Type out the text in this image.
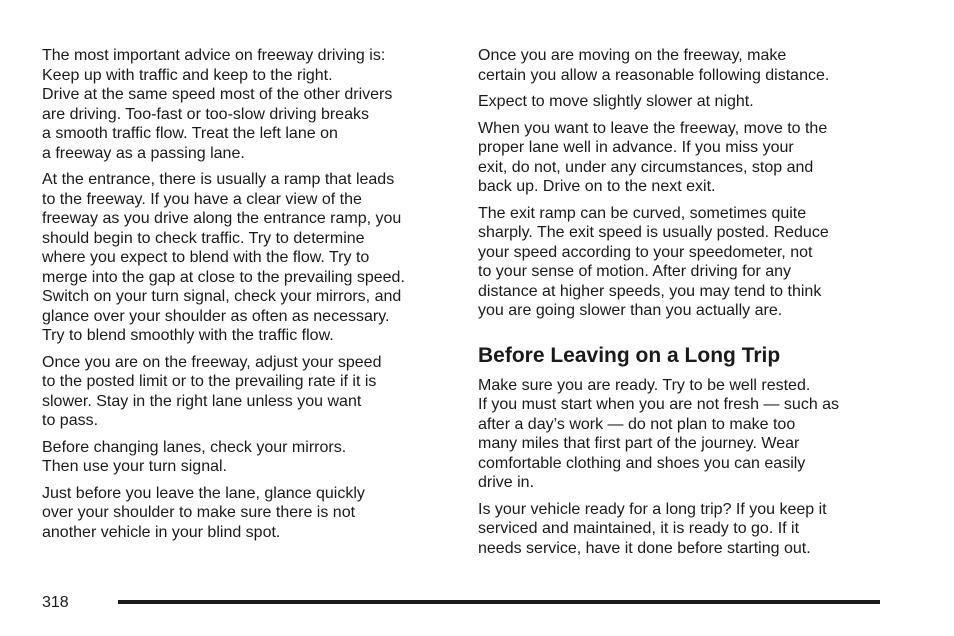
The most important advice on freeway driving is:
Keep up with traffic and keep to the right.
Drive at the same speed most of the other drivers
are driving. Too-fast or too-slow driving breaks
a smooth traffic flow. Treat the left lane on
a freeway as a passing lane.

At the entrance, there is usually a ramp that leads
to the freeway. If you have a clear view of the
freeway as you drive along the entrance ramp, you
should begin to check traffic. Try to determine
where you expect to blend with the flow. Try to
merge into the gap at close to the prevailing speed.
Switch on your turn signal, check your mirrors, and
glance over your shoulder as often as necessary.
Try to blend smoothly with the traffic flow.

Once you are on the freeway, adjust your speed
to the posted limit or to the prevailing rate if it is
slower. Stay in the right lane unless you want
to pass.

Before changing lanes, check your mirrors.
Then use your turn signal.

Just before you leave the lane, glance quickly
over your shoulder to make sure there is not
another vehicle in your blind spot.

Once you are moving on the freeway, make
certain you allow a reasonable following distance.

Expect to move slightly slower at night.

When you want to leave the freeway, move to the
proper lane well in advance. If you miss your
exit, do not, under any circumstances, stop and
back up. Drive on to the next exit.

The exit ramp can be curved, sometimes quite
sharply. The exit speed is usually posted. Reduce
your speed according to your speedometer, not
to your sense of motion. After driving for any
distance at higher speeds, you may tend to think
you are going slower than you actually are.

Before Leaving on a Long Trip

Make sure you are ready. Try to be well rested.
If you must start when you are not fresh — such as
after a day’s work — do not plan to make too
many miles that first part of the journey. Wear
comfortable clothing and shoes you can easily
drive in.

Is your vehicle ready for a long trip? If you keep it
serviced and maintained, it is ready to go. If it
needs service, have it done before starting out.

318
